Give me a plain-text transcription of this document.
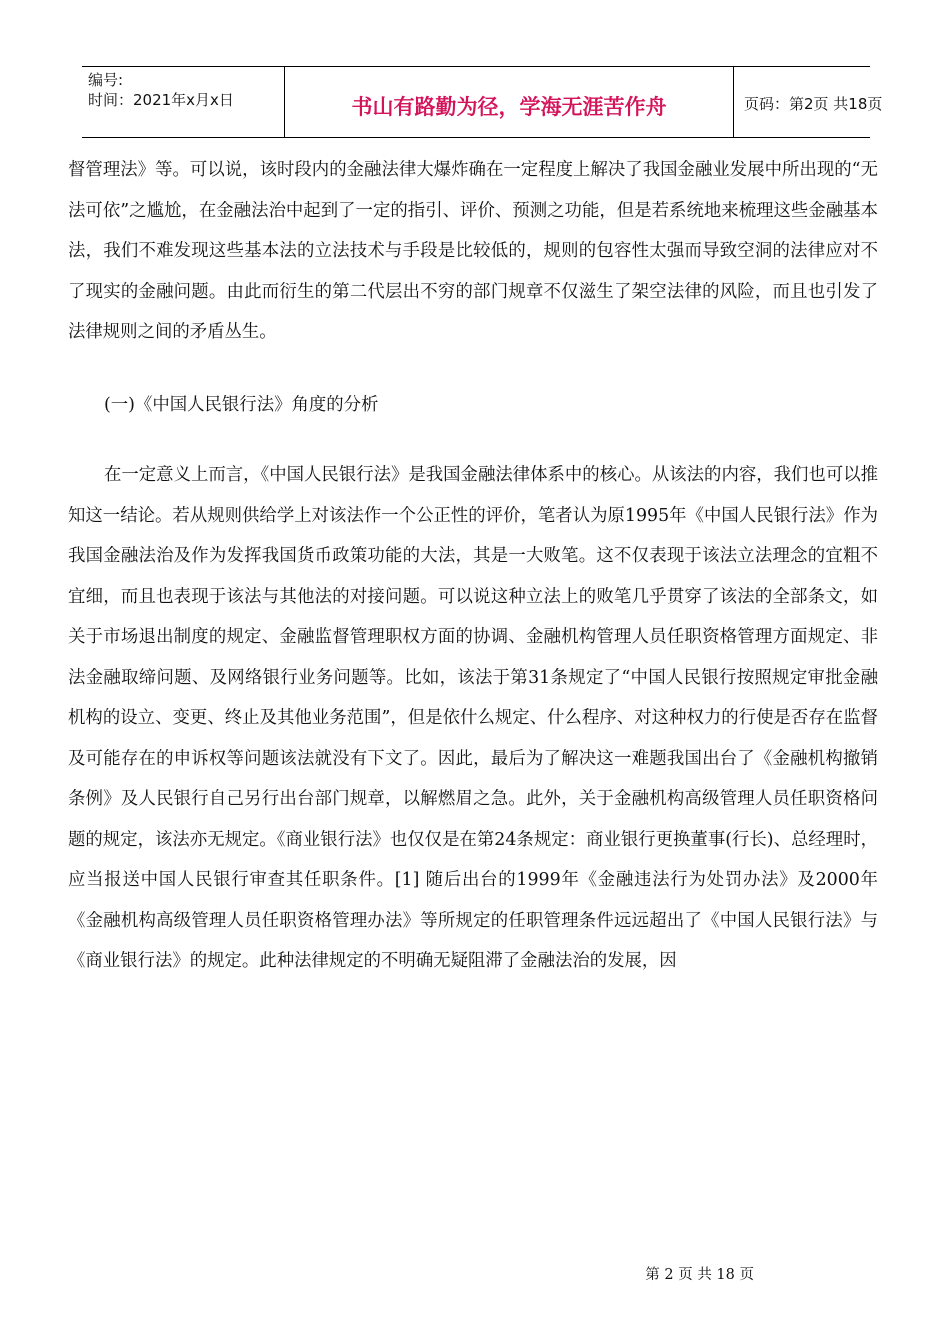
编号:
时间：2021年x月x日	书山有路勤为径，学海无涯苦作舟	页码：第2页 共18页

督管理法》等。可以说，该时段内的金融法律大爆炸确在一定程度上解决了我国金融业发展中所出现的“无法可依”之尴尬，在金融法治中起到了一定的指引、评价、预测之功能，但是若系统地来梳理这些金融基本法，我们不难发现这些基本法的立法技术与手段是比较低的，规则的包容性太强而导致空洞的法律应对不了现实的金融问题。由此而衍生的第二代层出不穷的部门规章不仅滋生了架空法律的风险，而且也引发了法律规则之间的矛盾丛生。

(一)《中国人民银行法》角度的分析

在一定意义上而言，《中国人民银行法》是我国金融法律体系中的核心。从该法的内容，我们也可以推知这一结论。若从规则供给学上对该法作一个公正性的评价，笔者认为原1995年《中国人民银行法》作为我国金融法治及作为发挥我国货币政策功能的大法，其是一大败笔。这不仅表现于该法立法理念的宜粗不宜细，而且也表现于该法与其他法的对接问题。可以说这种立法上的败笔几乎贯穿了该法的全部条文，如关于市场退出制度的规定、金融监督管理职权方面的协调、金融机构管理人员任职资格管理方面规定、非法金融取缔问题、及网络银行业务问题等。比如，该法于第31条规定了“中国人民银行按照规定审批金融机构的设立、变更、终止及其他业务范围”，但是依什么规定、什么程序、对这种权力的行使是否存在监督及可能存在的申诉权等问题该法就没有下文了。因此，最后为了解决这一难题我国出台了《金融机构撤销条例》及人民银行自己另行出台部门规章，以解燃眉之急。此外，关于金融机构高级管理人员任职资格问题的规定，该法亦无规定。《商业银行法》也仅仅是在第24条规定：商业银行更换董事(行长)、总经理时，应当报送中国人民银行审查其任职条件。[1] 随后出台的1999年《金融违法行为处罚办法》及2000年《金融机构高级管理人员任职资格管理办法》等所规定的任职管理条件远远超出了《中国人民银行法》与《商业银行法》的规定。此种法律规定的不明确无疑阻滞了金融法治的发展，因

第 2 页 共 18 页
